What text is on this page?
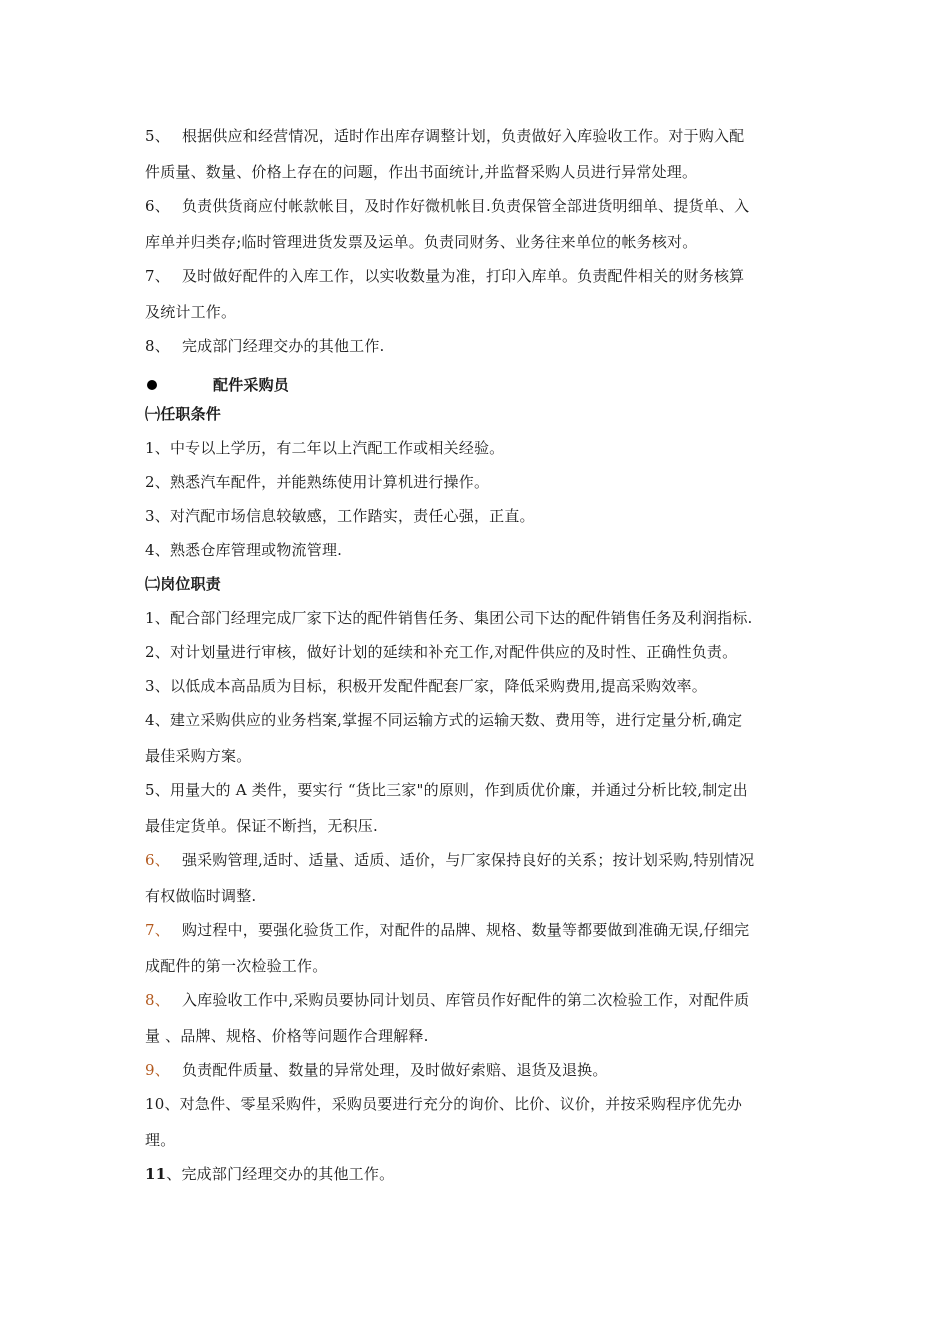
5、 根据供应和经营情况，适时作出库存调整计划，负责做好入库验收工作。对于购入配
件质量、数量、价格上存在的问题，作出书面统计,并监督采购人员进行异常处理。
6、 负责供货商应付帐款帐目，及时作好微机帐目.负责保管全部进货明细单、提货单、入
库单并归类存;临时管理进货发票及运单。负责同财务、业务往来单位的帐务核对。
7、 及时做好配件的入库工作，以实收数量为准，打印入库单。负责配件相关的财务核算
及统计工作。
8、 完成部门经理交办的其他工作.
配件采购员
㈠任职条件
1、中专以上学历，有二年以上汽配工作或相关经验。
2、熟悉汽车配件，并能熟练使用计算机进行操作。
3、对汽配市场信息较敏感，工作踏实，责任心强，正直。
4、熟悉仓库管理或物流管理.
㈡岗位职责
1、配合部门经理完成厂家下达的配件销售任务、集团公司下达的配件销售任务及利润指标.
2、对计划量进行审核，做好计划的延续和补充工作,对配件供应的及时性、正确性负责。
3、以低成本高品质为目标，积极开发配件配套厂家，降低采购费用,提高采购效率。
4、建立采购供应的业务档案,掌握不同运输方式的运输天数、费用等，进行定量分析,确定
最佳采购方案。
5、用量大的 A 类件，要实行 “货比三家"的原则，作到质优价廉，并通过分析比较,制定出
最佳定货单。保证不断挡，无积压.
6、 强采购管理,适时、适量、适质、适价，与厂家保持良好的关系；按计划采购,特别情况
有权做临时调整.
7、 购过程中，要强化验货工作，对配件的品牌、规格、数量等都要做到准确无误,仔细完
成配件的第一次检验工作。
8、 入库验收工作中,采购员要协同计划员、库管员作好配件的第二次检验工作，对配件质
量 、品牌、规格、价格等问题作合理解释.
9、 负责配件质量、数量的异常处理，及时做好索赔、退货及退换。
10、对急件、零星采购件，采购员要进行充分的询价、比价、议价，并按采购程序优先办
理。
11、完成部门经理交办的其他工作。
